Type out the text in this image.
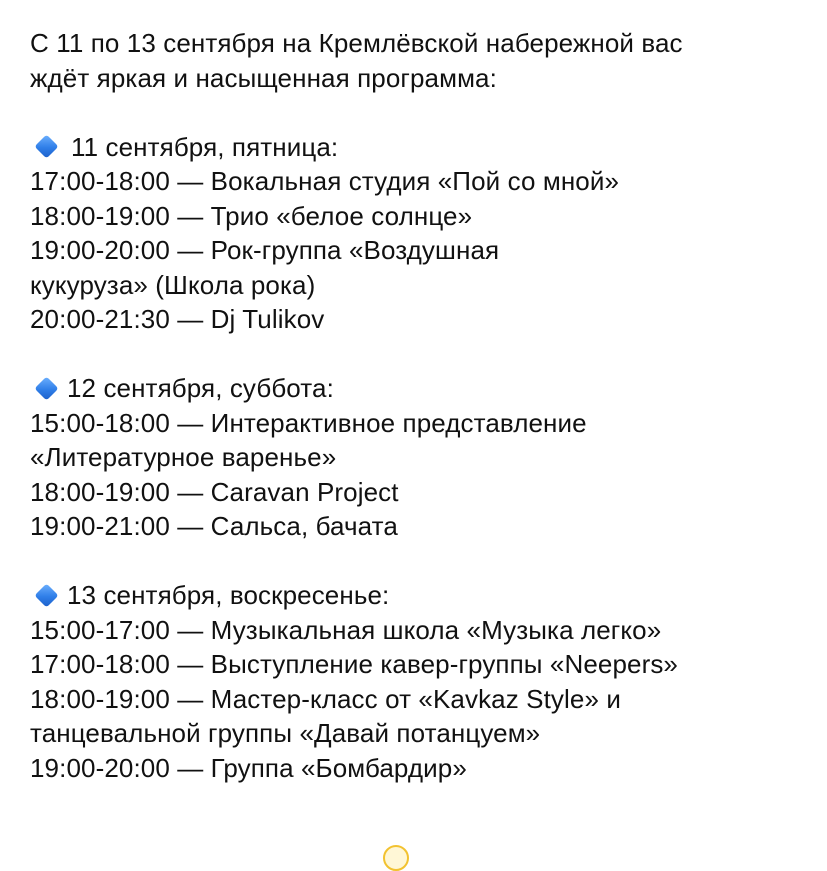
С 11 по 13 сентября на Кремлёвской набережной вас
ждёт яркая и насыщенная программа:
11 сентября, пятница:
17:00-18:00 — Вокальная студия «Пой со мной»
18:00-19:00 — Трио «белое солнце»
19:00-20:00 — Рок-группа «Воздушная
кукуруза» (Школа рока)
20:00-21:30 — Dj Tulikov
12 сентября, суббота:
15:00-18:00 — Интерактивное представление
«Литературное варенье»
18:00-19:00 — Caravan Project
19:00-21:00 — Сальса, бачата
13 сентября, воскресенье:
15:00-17:00 — Музыкальная школа «Музыка легко»
17:00-18:00 — Выступление кавер-группы «Neepers»
18:00-19:00 — Мастер-класс от «Kavkaz Style» и
танцевальной группы «Давай потанцуем»
19:00-20:00 — Группа «Бомбардир»
